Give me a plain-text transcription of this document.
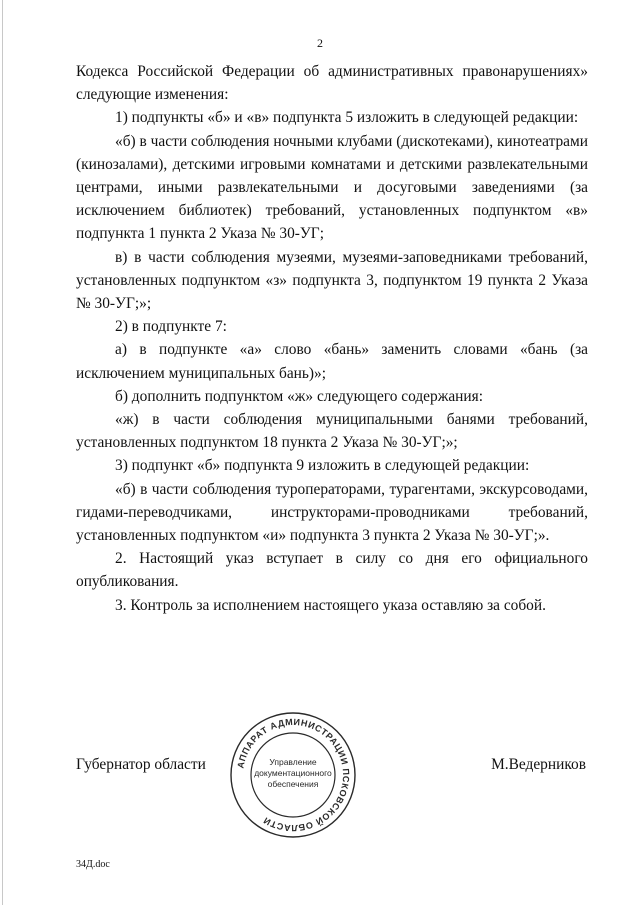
2

Кодекса Российской Федерации об административных правонарушениях» следующие изменения:

1) подпункты «б» и «в» подпункта 5 изложить в следующей редакции:

«б) в части соблюдения ночными клубами (дискотеками), кинотеатрами (кинозалами), детскими игровыми комнатами и детскими развлекательными центрами, иными развлекательными и досуговыми заведениями (за исключением библиотек) требований, установленных подпунктом «в» подпункта 1 пункта 2 Указа № 30-УГ;

в) в части соблюдения музеями, музеями-заповедниками требований, установленных подпунктом «з» подпункта 3, подпунктом 19 пункта 2 Указа № 30-УГ;»;

2) в подпункте 7:

а) в подпункте «а» слово «бань» заменить словами «бань (за исключением муниципальных бань)»;

б) дополнить подпунктом «ж» следующего содержания:

«ж) в части соблюдения муниципальными банями требований, установленных подпунктом 18 пункта 2 Указа № 30-УГ;»;

3) подпункт «б» подпункта 9 изложить в следующей редакции:

«б) в части соблюдения туроператорами, турагентами, экскурсоводами, гидами-переводчиками, инструкторами-проводниками требований, установленных подпунктом «и» подпункта 3 пункта 2 Указа № 30-УГ;».

2. Настоящий указ вступает в силу со дня его официального опубликования.

3. Контроль за исполнением настоящего указа оставляю за собой.

Губернатор области	АППАРАТ АДМИНИСТРАЦИИ ПСКОВСКОЙ ОБЛАСТИ
Управление
документационного
обеспечения
М.Ведерников
34Д.doc
